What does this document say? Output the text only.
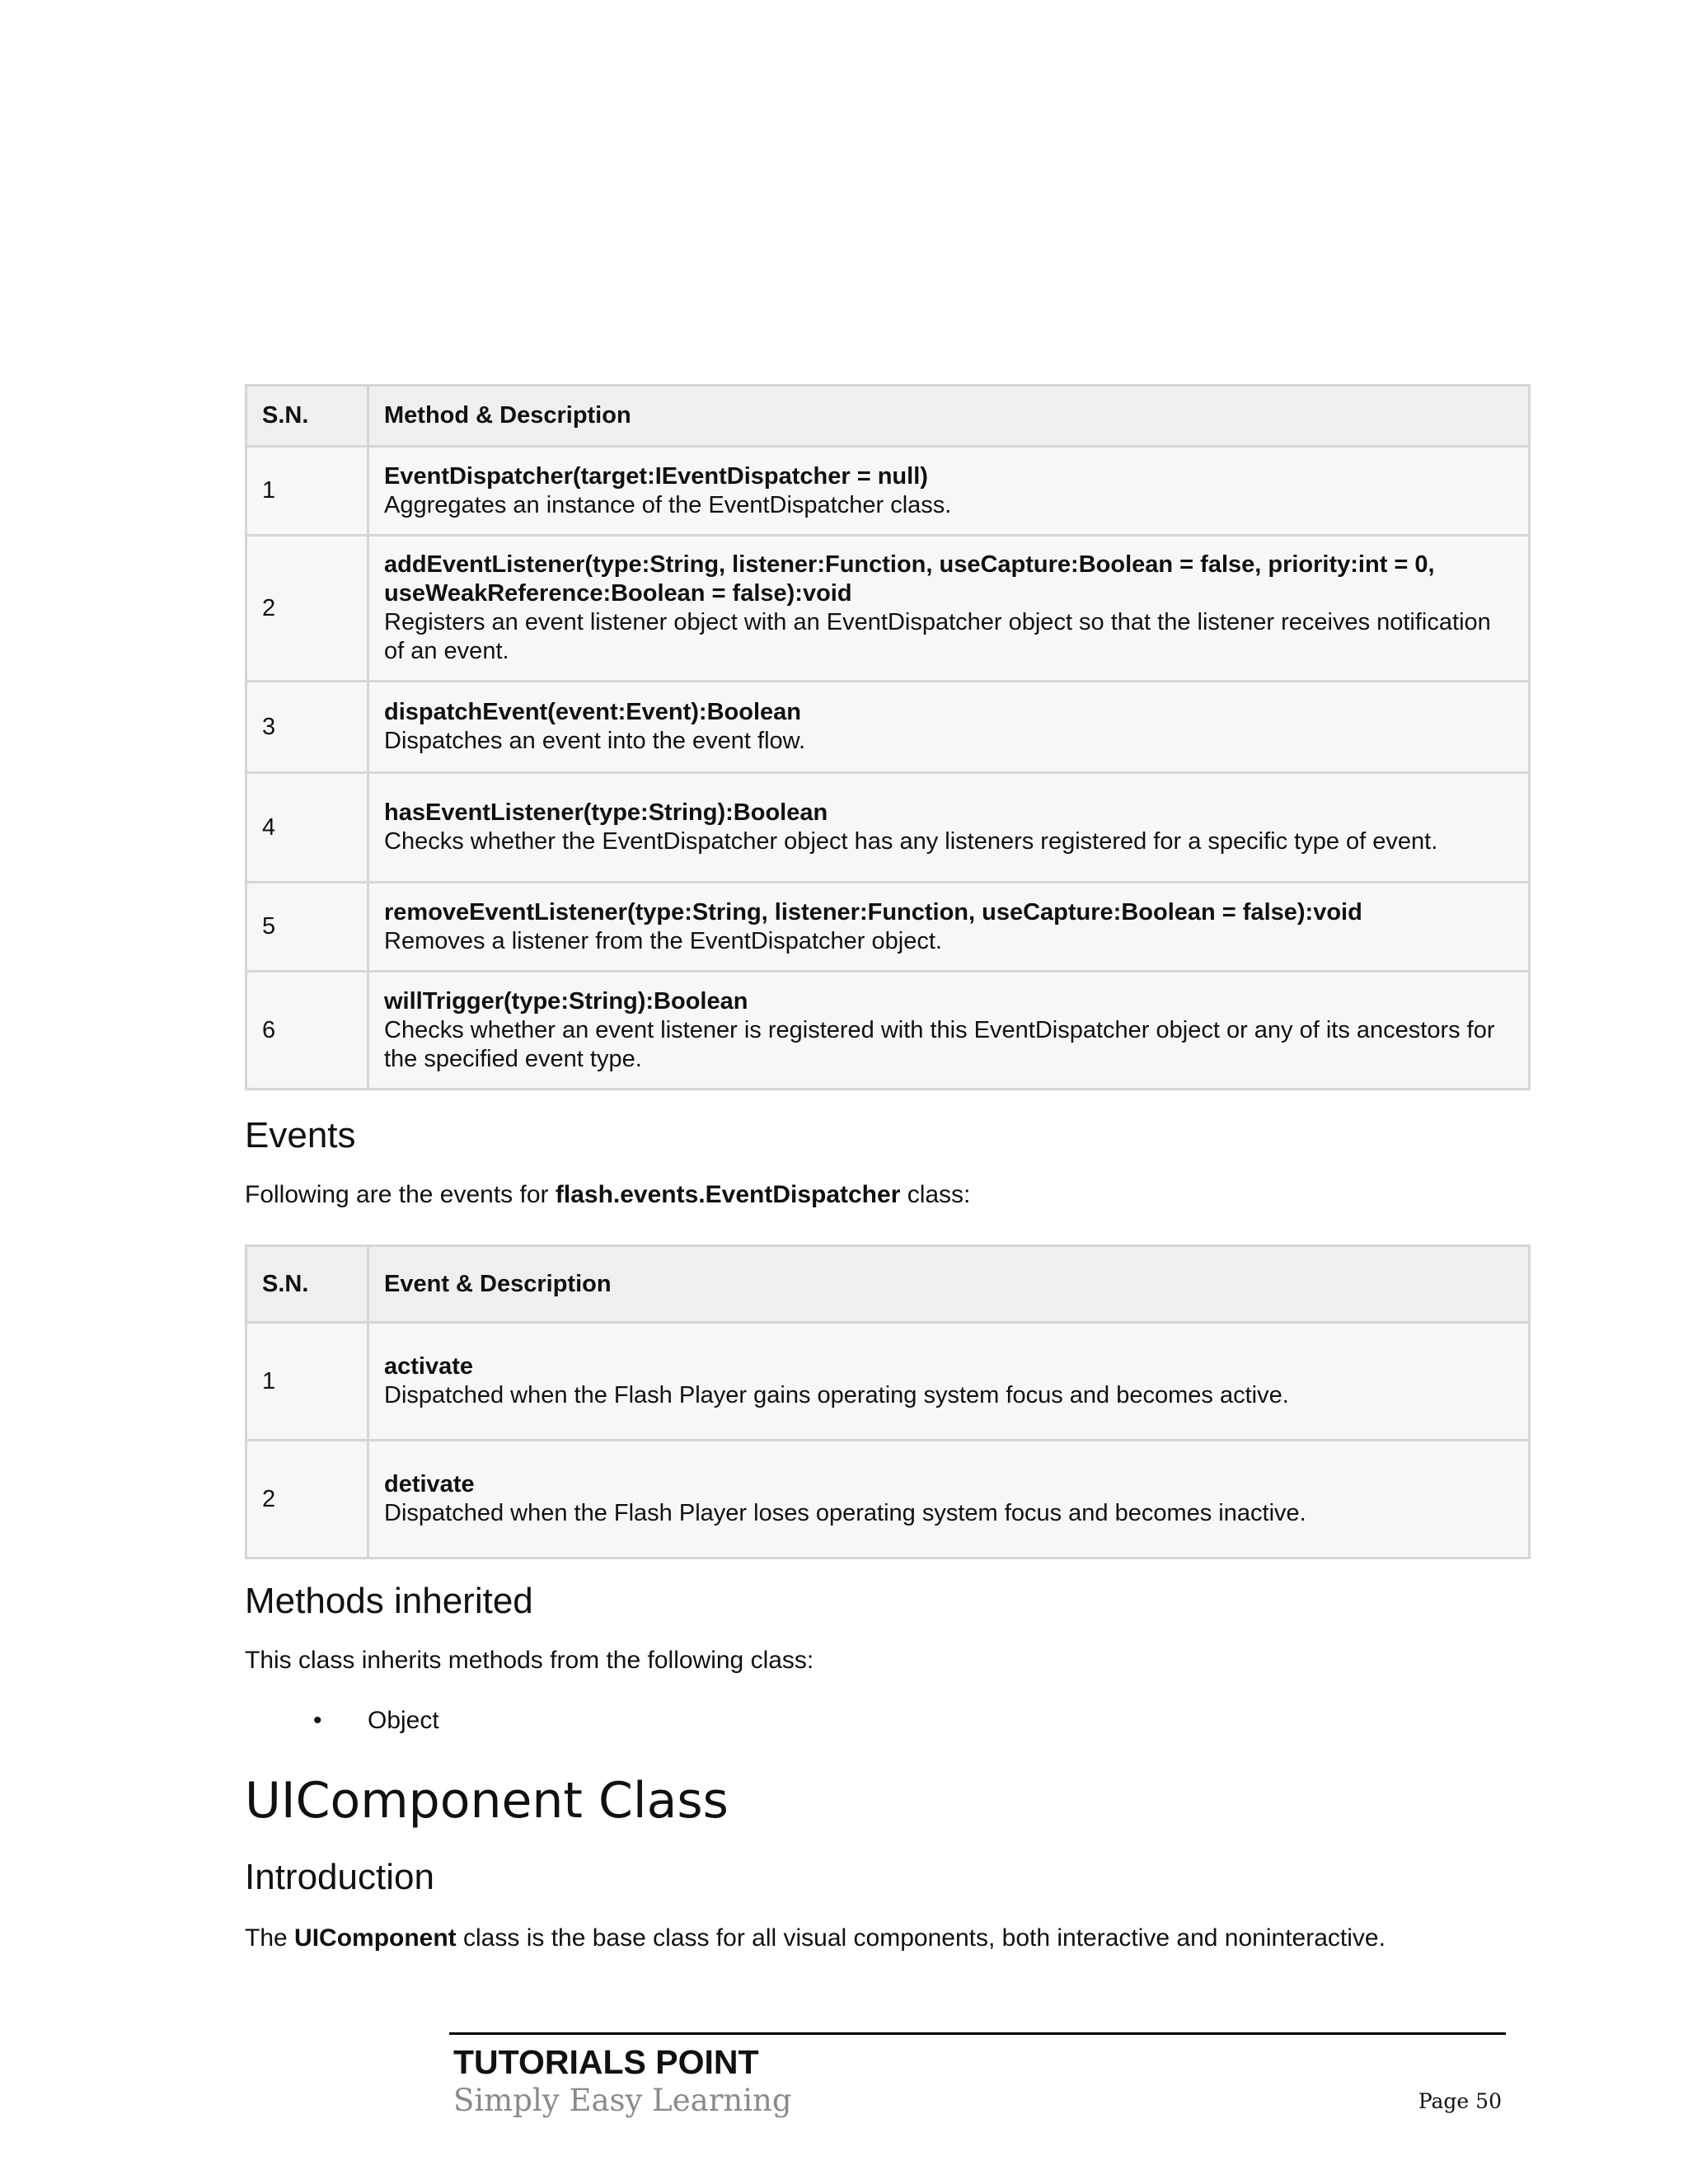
S.N.	Method & Description
1	EventDispatcher(target:IEventDispatcher = null)
Aggregates an instance of the EventDispatcher class.

2	addEventListener(type:String, listener:Function, useCapture:Boolean = false, priority:int = 0, useWeakReference:Boolean = false):void
Registers an event listener object with an EventDispatcher object so that the listener receives notification of an event.

3	dispatchEvent(event:Event):Boolean
Dispatches an event into the event flow.

4	hasEventListener(type:String):Boolean
Checks whether the EventDispatcher object has any listeners registered for a specific type of event.

5	removeEventListener(type:String, listener:Function, useCapture:Boolean = false):void
Removes a listener from the EventDispatcher object.

6	willTrigger(type:String):Boolean
Checks whether an event listener is registered with this EventDispatcher object or any of its ancestors for the specified event type.
Events

Following are the events for flash.events.EventDispatcher class:

S.N.	Event & Description
1	activate
Dispatched when the Flash Player gains operating system focus and becomes active.

2	detivate
Dispatched when the Flash Player loses operating system focus and becomes inactive.
Methods inherited

This class inherits methods from the following class:

• Object
UIComponent Class
Introduction

The UIComponent class is the base class for all visual components, both interactive and noninteractive.

TUTORIALS POINT
Simply Easy Learning	Page 50
